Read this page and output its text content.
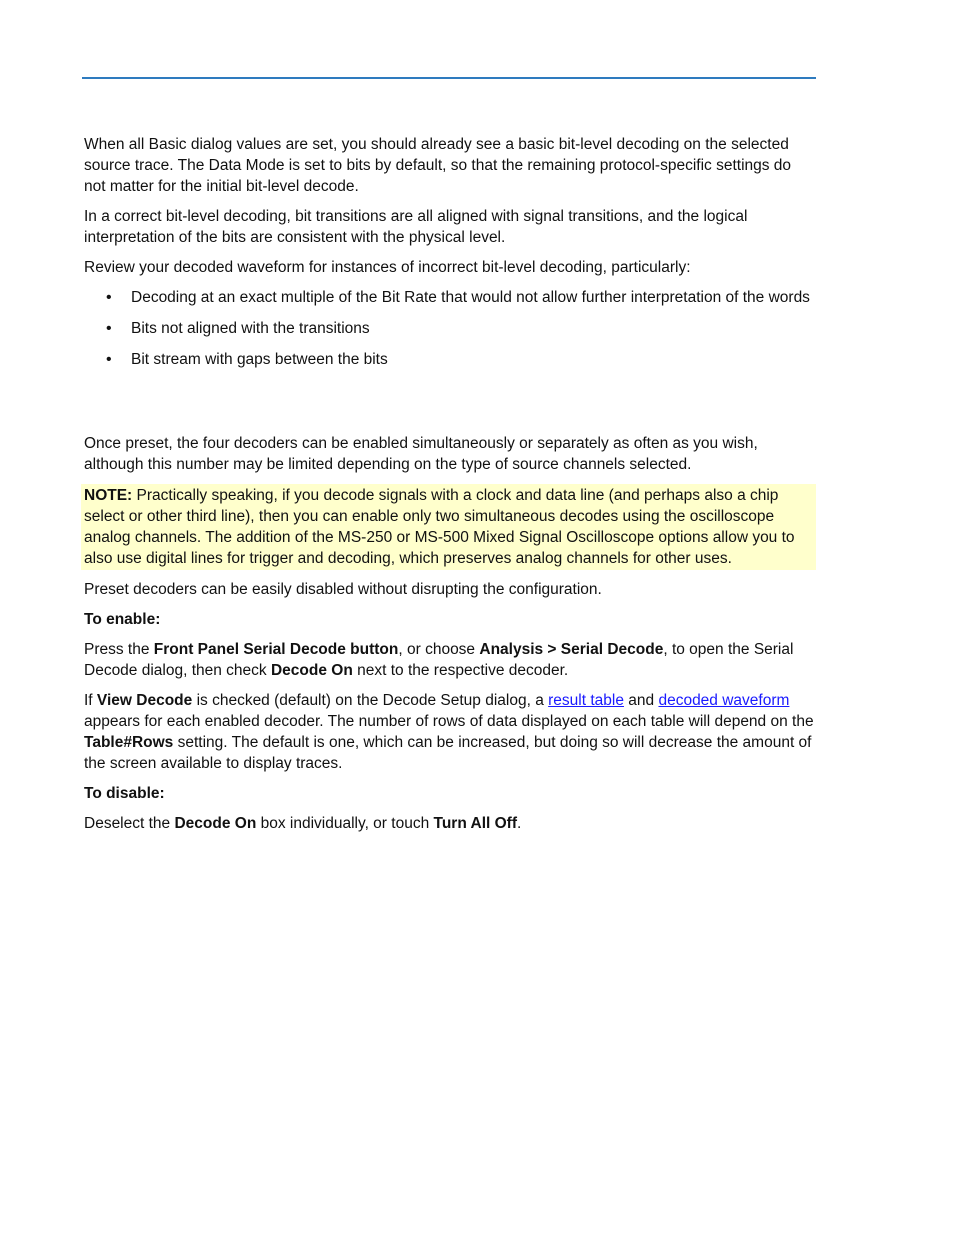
When all Basic dialog values are set, you should already see a basic bit-level decoding on the selected source trace. The Data Mode is set to bits by default, so that the remaining protocol-specific settings do not matter for the initial bit-level decode.

In a correct bit-level decoding, bit transitions are all aligned with signal transitions, and the logical interpretation of the bits are consistent with the physical level.

Review your decoded waveform for instances of incorrect bit-level decoding, particularly:

• Decoding at an exact multiple of the Bit Rate that would not allow further interpretation of the words
• Bits not aligned with the transitions
• Bit stream with gaps between the bits

Once preset, the four decoders can be enabled simultaneously or separately as often as you wish, although this number may be limited depending on the type of source channels selected.

NOTE: Practically speaking, if you decode signals with a clock and data line (and perhaps also a chip select or other third line), then you can enable only two simultaneous decodes using the oscilloscope analog channels. The addition of the MS-250 or MS-500 Mixed Signal Oscilloscope options allow you to also use digital lines for trigger and decoding, which preserves analog channels for other uses.

Preset decoders can be easily disabled without disrupting the configuration.

To enable:

Press the Front Panel Serial Decode button, or choose Analysis > Serial Decode, to open the Serial Decode dialog, then check Decode On next to the respective decoder.

If View Decode is checked (default) on the Decode Setup dialog, a result table and decoded waveform appears for each enabled decoder. The number of rows of data displayed on each table will depend on the Table#Rows setting. The default is one, which can be increased, but doing so will decrease the amount of the screen available to display traces.

To disable:

Deselect the Decode On box individually, or touch Turn All Off.
